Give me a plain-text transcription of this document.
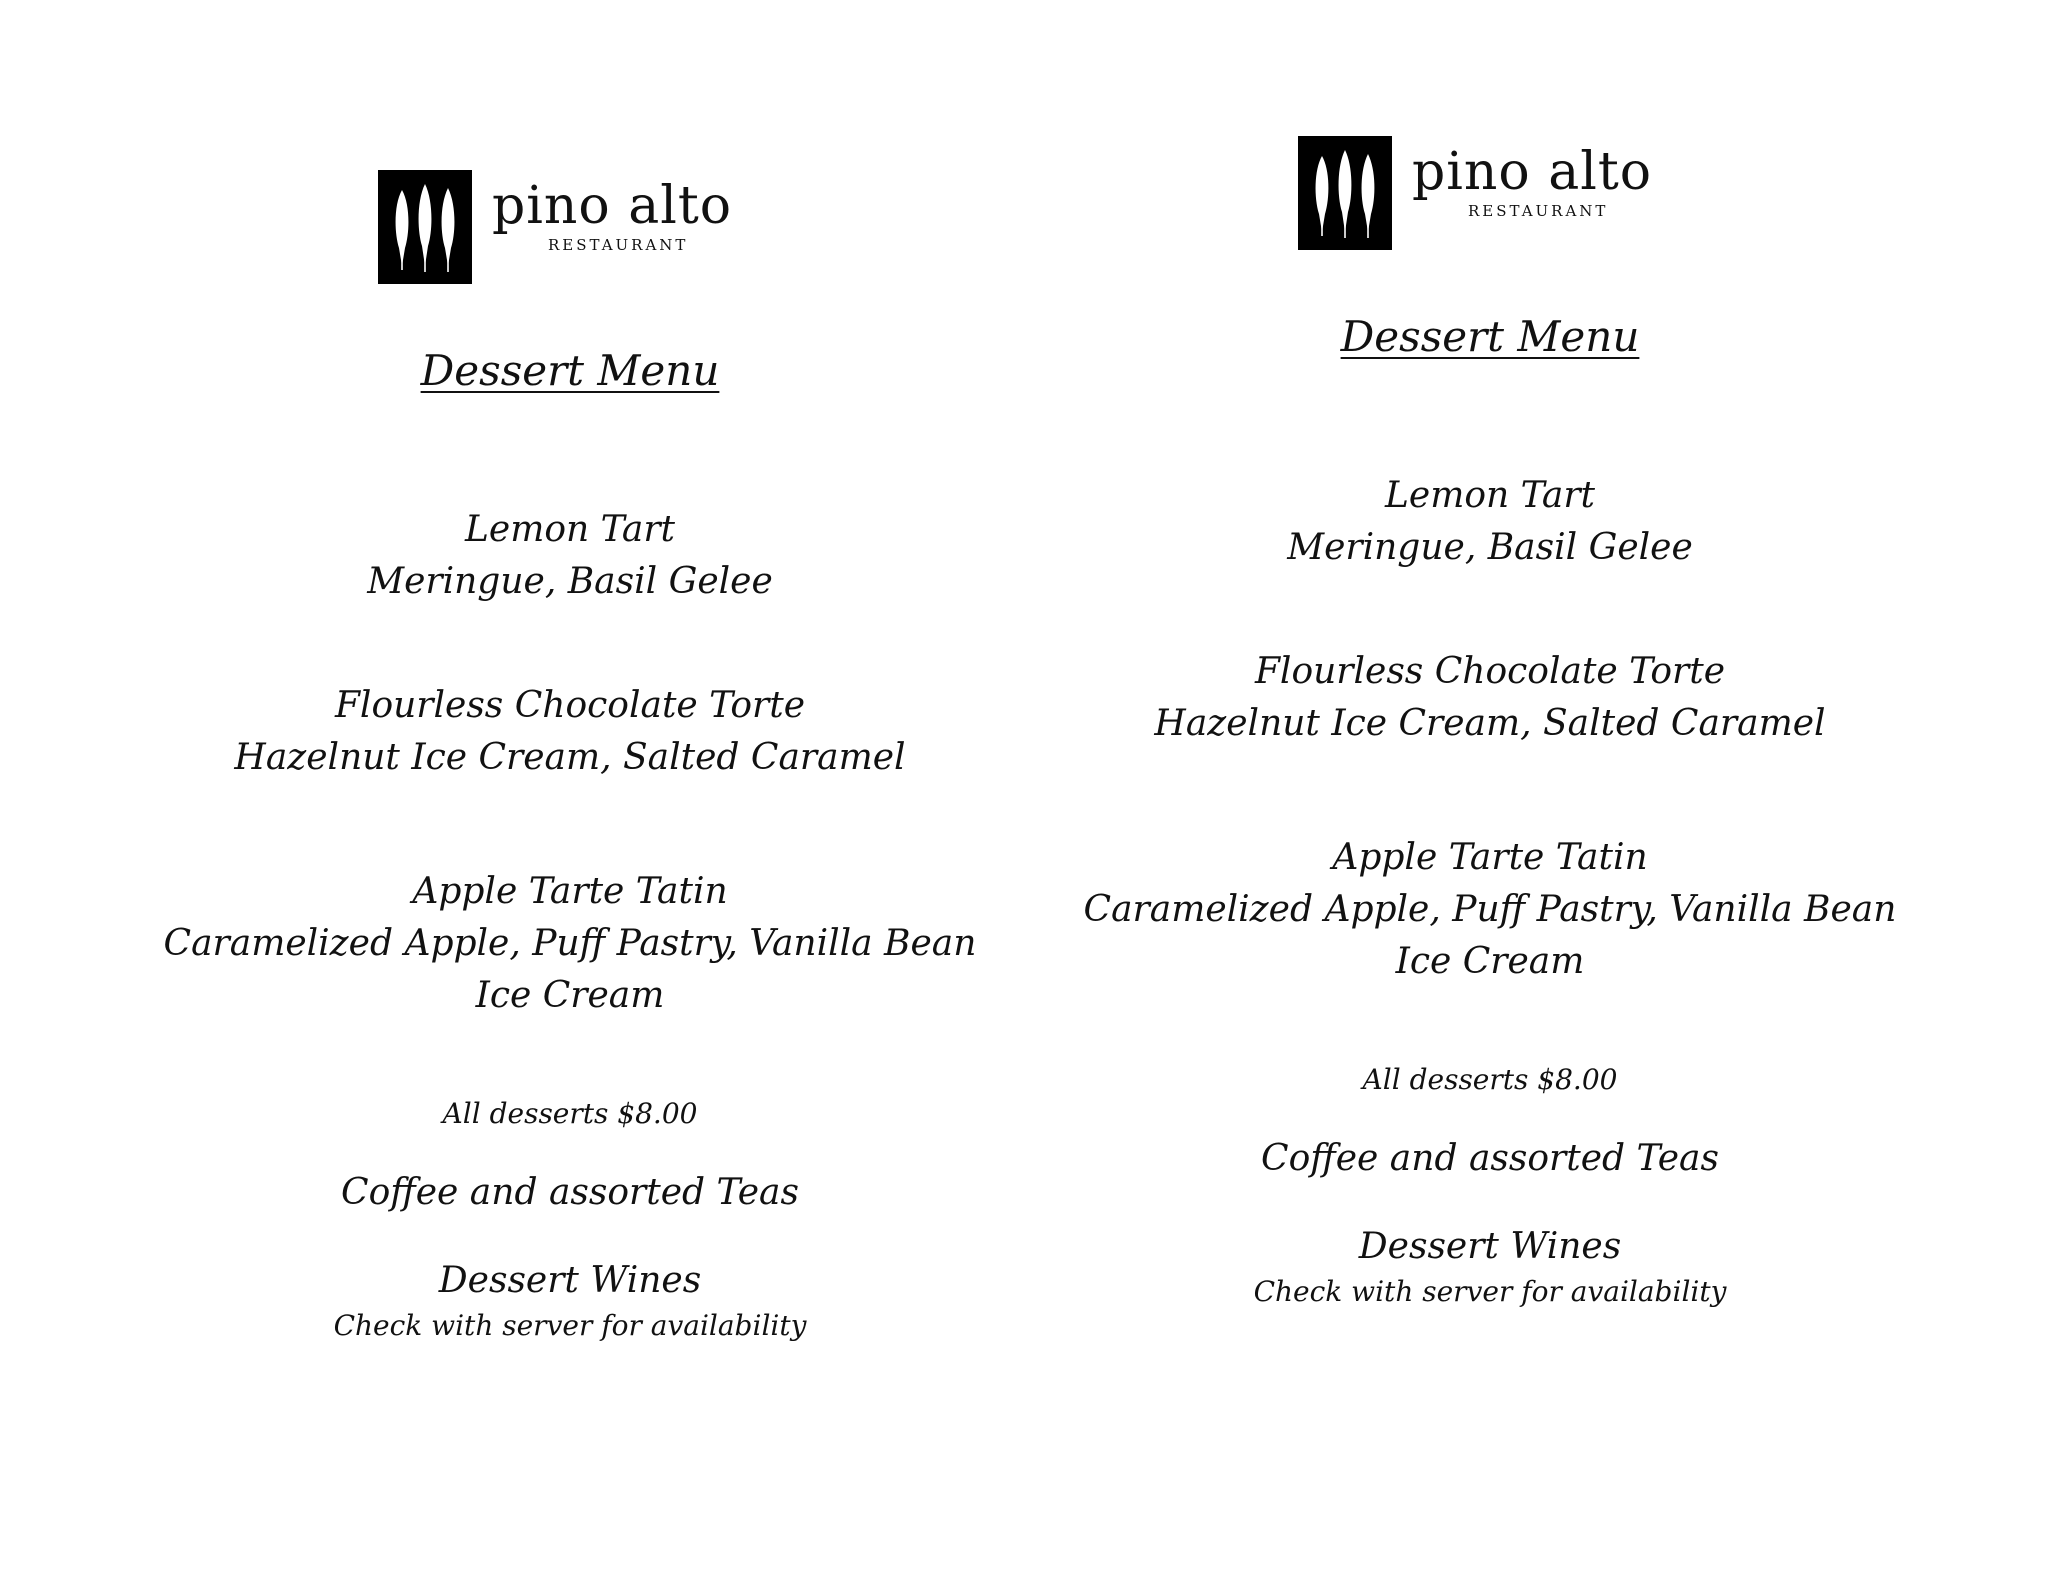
pino alto
RESTAURANT
Dessert Menu
Lemon Tart
Meringue, Basil Gelee
Flourless Chocolate Torte
Hazelnut Ice Cream, Salted Caramel
Apple Tarte Tatin
Caramelized Apple, Puff Pastry, Vanilla Bean
Ice Cream
All desserts $8.00
Coffee and assorted Teas
Dessert Wines
Check with server for availability
pino alto
RESTAURANT
Dessert Menu
Lemon Tart
Meringue, Basil Gelee
Flourless Chocolate Torte
Hazelnut Ice Cream, Salted Caramel
Apple Tarte Tatin
Caramelized Apple, Puff Pastry, Vanilla Bean
Ice Cream
All desserts $8.00
Coffee and assorted Teas
Dessert Wines
Check with server for availability
